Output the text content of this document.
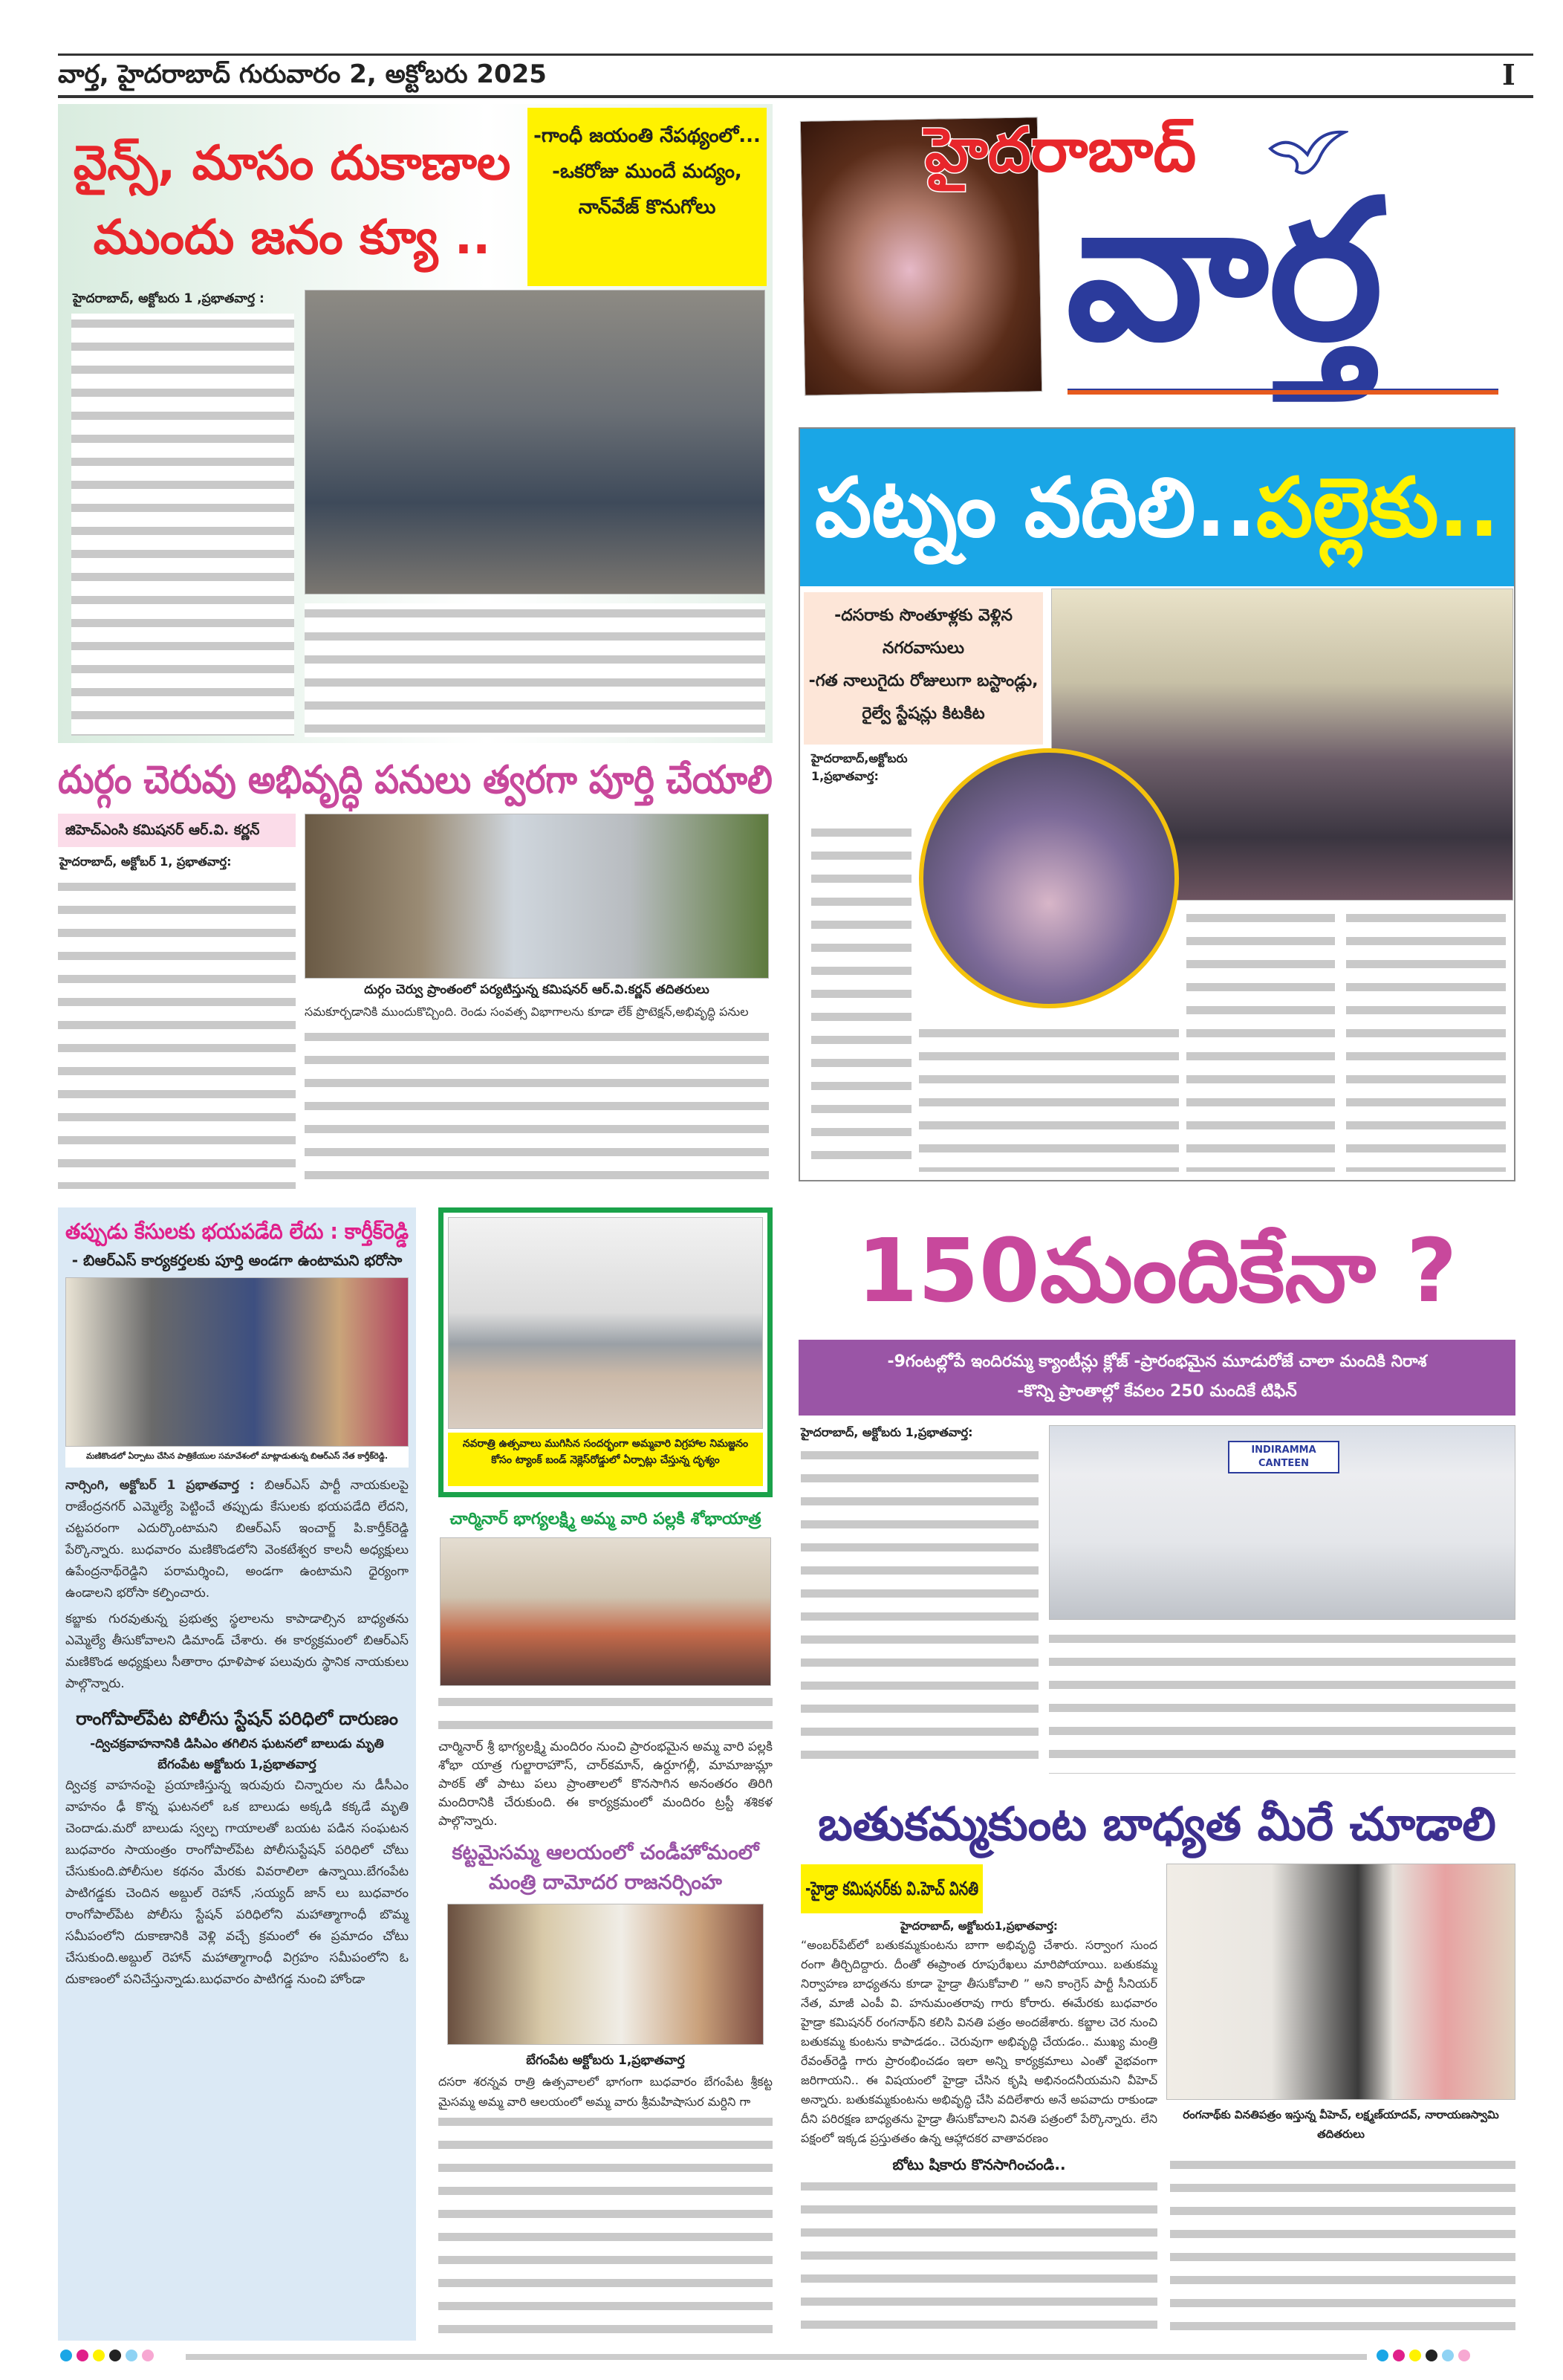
వార్త, హైదరాబాద్ గురువారం 2, అక్టోబరు 2025	I
వైన్స్, మాసం దుకాణాల
ముందు జనం క్యూ ..
-గాంధీ జయంతి నేపథ్యంలో...
-ఒకరోజు ముందే మద్యం, నాన్‌వేజ్ కొనుగోలు
హైదరాబాద్, అక్టోబరు 1 ,ప్రభాతవార్త :
హైదరాబాద్
వార్త
పట్నం వదిలి..పల్లెకు..
-దసరాకు సొంతూళ్లకు వెళ్లిన నగరవాసులు
-గత నాలుగైదు రోజులుగా బస్టాండ్లు, రైల్వే స్టేషన్లు కిటకిట
హైదరాబాద్,అక్టోబరు 1,ప్రభాతవార్త:
దుర్గం చెరువు అభివృద్ధి పనులు త్వరగా పూర్తి చేయాలి
జిహెచ్ఎంసి కమిషనర్ ఆర్.వి. కర్ణన్
హైదరాబాద్, అక్టోబర్ 1, ప్రభాతవార్త:
దుర్గం చెర్వు ప్రాంతంలో పర్యటిస్తున్న కమిషనర్ ఆర్.వి.కర్ణన్ తదితరులు
సమకూర్చడానికి ముందుకొచ్చింది. రెండు సంవత్స విభాగాలను కూడా లేక్ ప్రొటెక్షన్,అభివృద్ధి పనుల
తప్పుడు కేసులకు భయపడేది లేదు : కార్తీక్‌రెడ్డి
- బిఆర్ఎస్ కార్యకర్తలకు పూర్తి అండగా ఉంటామని భరోసా
మణికొండలో ఏర్పాటు చేసిన పాత్రికేయుల సమావేశంలో మాట్లాడుతున్న బిఆర్ఎస్ నేత కార్తీక్‌రెడ్డి.
నార్సింగి, అక్టోబర్ 1 ప్రభాతవార్త : బిఆర్ఎస్ పార్టీ నాయకులపై రాజేంద్రనగర్ ఎమ్మెల్యే పెట్టించే తప్పుడు కేసులకు భయపడేది లేదని, చట్టపరంగా ఎదుర్కొంటామని బిఆర్ఎస్ ఇంచార్జ్ పి.కార్తీక్‌రెడ్డి పేర్కొన్నారు. బుధవారం మణికొండలోని వెంకటేశ్వర కాలనీ అధ్యక్షులు ఉపేంద్రనాథ్‌రెడ్డిని పరామర్శించి, అండగా ఉంటామని ధైర్యంగా ఉండాలని భరోసా కల్పించారు.
కబ్జాకు గురవుతున్న ప్రభుత్వ స్థలాలను కాపాడాల్సిన బాధ్యతను ఎమ్మెల్యే తీసుకోవాలని డిమాండ్ చేశారు. ఈ కార్యక్రమంలో బిఆర్ఎస్ మణికొండ అధ్యక్షులు సీతారాం ధూళిపాళ పలువురు స్థానిక నాయకులు పాల్గొన్నారు.
రాంగోపాల్‌పేట పోలీసు స్టేషన్ పరిధిలో దారుణం
-ద్విచక్రవాహనానికి డిసిఎం తగిలిన ఘటనలో బాలుడు మృతి
బేగంపేట అక్టోబరు 1,ప్రభాతవార్త
ద్విచక్ర వాహనంపై ప్రయాణిస్తున్న ఇరువురు చిన్నారుల ను డీసీఎం వాహనం ఢీ కొన్న ఘటనలో ఒక బాలుడు అక్కడి కక్కడే మృతి చెందాడు.మరో బాలుడు స్వల్ప గాయాలతో బయట పడిన సంఘటన బుధవారం సాయంత్రం రాంగోపాల్‌పేట పోలీసుస్టేషన్ పరిధిలో చోటు చేసుకుంది.పోలీసుల కథనం మేరకు వివరాలిలా ఉన్నాయి.బేగంపేట పాటిగడ్డకు చెందిన అబ్దుల్ రెహాన్ ,సయ్యద్ జాన్ లు బుధవారం రాంగోపాల్‌పేట పోలీసు స్టేషన్ పరిధిలోని మహాత్మాగాంధీ బొమ్మ సమీపంలోని దుకాణానికి వెళ్లి వచ్చే క్రమంలో ఈ ప్రమాదం చోటు చేసుకుంది.అబ్దుల్ రెహాన్ మహాత్మాగాంధీ విగ్రహం సమీపంలోని ఓ దుకాణంలో పనిచేస్తున్నాడు.బుధవారం పాటిగడ్డ నుంచి హోండా
నవరాత్రి ఉత్సవాలు ముగిసిన సందర్భంగా అమ్మవారి విగ్రహాల నిమజ్జనం కోసం ట్యాంక్ బండ్ నెక్లెస్‌రోడ్డులో ఏర్పాట్లు చేస్తున్న దృశ్యం
చార్మినార్ భాగ్యలక్ష్మి అమ్మ వారి పల్లకి శోభాయాత్ర
చార్మినార్ శ్రీ భాగ్యలక్ష్మి మందిరం నుంచి ప్రారంభమైన అమ్మ వారి పల్లకి శోభా యాత్ర గుల్జారాహౌస్, చార్‌కమాన్, ఉర్దూగల్లీ, మామాజుమ్లా పాఠక్ తో పాటు పలు ప్రాంతాలలో కొనసాగిన అనంతరం తిరిగి మందిరానికి చేరుకుంది. ఈ కార్యక్రమంలో మందిరం ట్రస్టీ శశికళ పాల్గొన్నారు.
కట్టమైసమ్మ ఆలయంలో చండీహోమంలో
మంత్రి దామోదర రాజనర్సింహ
బేగంపేట అక్టోబరు 1,ప్రభాతవార్త
దసరా శరన్నవ రాత్రి ఉత్సవాలలో భాగంగా బుధవారం బేగంపేట శ్రీకట్ట మైసమ్మ అమ్మ వారి ఆలయంలో అమ్మ వారు శ్రీమహిషాసుర మర్దిని గా
150మందికేనా ?
-9గంటల్లోపే ఇందిరమ్మ క్యాంటీన్లు క్లోజ్ -ప్రారంభమైన మూడురోజే చాలా మందికి నిరాశ
-కొన్ని ప్రాంతాల్లో కేవలం 250 మందికే టిఫిన్
హైదరాబాద్, అక్టోబరు 1,ప్రభాతవార్త:
INDIRAMMA CANTEEN
బతుకమ్మకుంట బాధ్యత మీరే చూడాలి
-హైడ్రా కమిషనర్‌కు వి.హెచ్ వినతి
హైదరాబాద్, అక్టోబరు1,ప్రభాతవార్త:
“అంబర్‌పేట్‌లో బతుకమ్మకుంటను బాగా అభివృద్ధి చేశారు. సర్వాంగ సుంద రంగా తీర్చిదిద్దారు. దీంతో ఈప్రాంత రూపురేఖలు మారిపోయాయి. బతుకమ్మ నిర్వాహణ బాధ్యతను కూడా హైడ్రా తీసుకోవాలి ” అని కాంగ్రెస్ పార్టీ సీనియర్ నేత, మాజీ ఎంపీ వి. హనుమంతరావు గారు కోరారు. ఈమేరకు బుధవారం హైడ్రా కమిషనర్ రంగనాథ్‌ని కలిసి వినతి పత్రం అందజేశారు. కబ్జాల చెర నుంచి బతుకమ్మ కుంటను కాపాడడం.. చెరువుగా అభివృద్ధి చేయడం.. ముఖ్య మంత్రి రేవంత్‌రెడ్డి గారు ప్రారంభించడం ఇలా అన్ని కార్యక్రమాలు ఎంతో వైభవంగా జరిగాయని.. ఈ విషయంలో హైడ్రా చేసిన కృషి అభినందనీయమని వీహెచ్ అన్నారు. బతుకమ్మకుంటను అభివృద్ధి చేసి వదిలేశారు అనే అపవాదు రాకుండా దీని పరిరక్షణ బాధ్యతను హైడ్రా తీసుకోవాలని వినతి పత్రంలో పేర్కొన్నారు. లేని పక్షంలో ఇక్కడ ప్రస్తుతతం ఉన్న ఆహ్లాదకర వాతావరణం
బోటు షికారు కొనసాగించండి..
రంగనాథ్‌కు వినతిపత్రం ఇస్తున్న వీహెచ్, లక్ష్మణ్‌యాదవ్, నారాయణస్వామి తదితరులు
